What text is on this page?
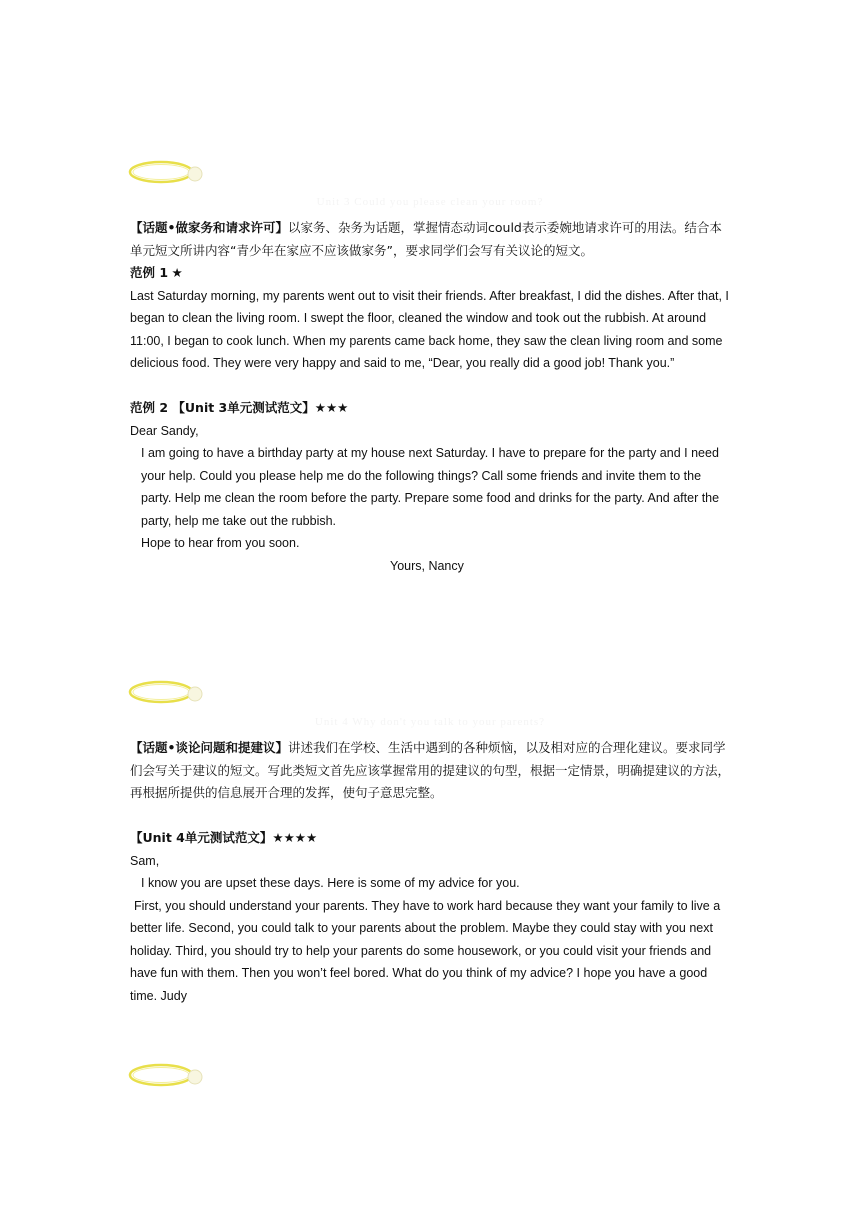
Unit 3 Could you please clean your room?

【话题•做家务和请求许可】以家务、杂务为话题，掌握情态动词could表示委婉地请求许可的用法。结合本单元短文所讲内容“青少年在家应不应该做家务”，要求同学们会写有关议论的短文。

范例 1 ★

Last Saturday morning, my parents went out to visit their friends. After breakfast, I did the dishes. After that, I began to clean the living room. I swept the floor, cleaned the window and took out the rubbish. At around 11:00, I began to cook lunch. When my parents came back home, they saw the clean living room and some delicious food. They were very happy and said to me, “Dear, you really did a good job! Thank you.”

范例 2 【Unit 3单元测试范文】★★★

Dear Sandy,

I am going to have a birthday party at my house next Saturday. I have to prepare for the party and I need your help. Could you please help me do the following things? Call some friends and invite them to the party. Help me clean the room before the party. Prepare some food and drinks for the party. And after the party, help me take out the rubbish.

Hope to hear from you soon.

Yours, Nancy

Unit 4 Why don't you talk to your parents?

【话题•谈论问题和提建议】讲述我们在学校、生活中遇到的各种烦恼，以及相对应的合理化建议。要求同学们会写关于建议的短文。写此类短文首先应该掌握常用的提建议的句型，根据一定情景，明确提建议的方法，再根据所提供的信息展开合理的发挥，使句子意思完整。

【Unit 4单元测试范文】★★★★

Sam,

I know you are upset these days. Here is some of my advice for you.

First, you should understand your parents. They have to work hard because they want your family to live a better life. Second, you could talk to your parents about the problem. Maybe they could stay with you next holiday. Third, you should try to help your parents do some housework, or you could visit your friends and have fun with them. Then you won’t feel bored. What do you think of my advice? I hope you have a good time. Judy
